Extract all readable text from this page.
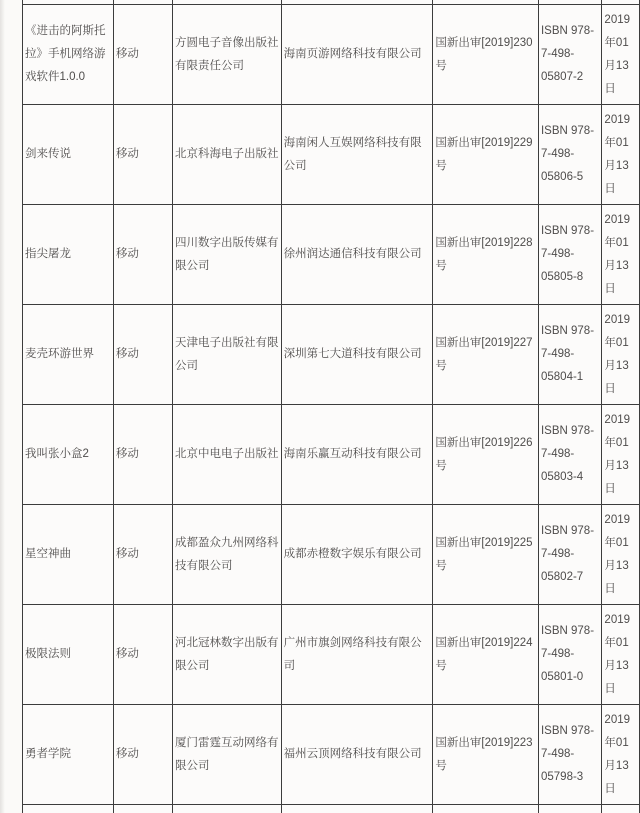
《进击的阿斯托拉》手机网络游戏软件1.0.0	移动	方圆电子音像出版社有限责任公司	海南页游网络科技有限公司	国新出审[2019]230号	ISBN 978-7-498-05807-2	2019年01月13日
剑来传说	移动	北京科海电子出版社	海南闲人互娱网络科技有限公司	国新出审[2019]229号	ISBN 978-7-498-05806-5	2019年01月13日
指尖屠龙	移动	四川数字出版传媒有限公司	徐州润达通信科技有限公司	国新出审[2019]228号	ISBN 978-7-498-05805-8	2019年01月13日
麦壳环游世界	移动	天津电子出版社有限公司	深圳第七大道科技有限公司	国新出审[2019]227号	ISBN 978-7-498-05804-1	2019年01月13日
我叫张小盒2	移动	北京中电电子出版社	海南乐赢互动科技有限公司	国新出审[2019]226号	ISBN 978-7-498-05803-4	2019年01月13日
星空神曲	移动	成都盈众九州网络科技有限公司	成都赤橙数字娱乐有限公司	国新出审[2019]225号	ISBN 978-7-498-05802-7	2019年01月13日
极限法则	移动	河北冠林数字出版有限公司	广州市旗剑网络科技有限公司	国新出审[2019]224号	ISBN 978-7-498-05801-0	2019年01月13日
勇者学院	移动	厦门雷霆互动网络有限公司	福州云顶网络科技有限公司	国新出审[2019]223号	ISBN 978-7-498-05798-3	2019年01月13日
